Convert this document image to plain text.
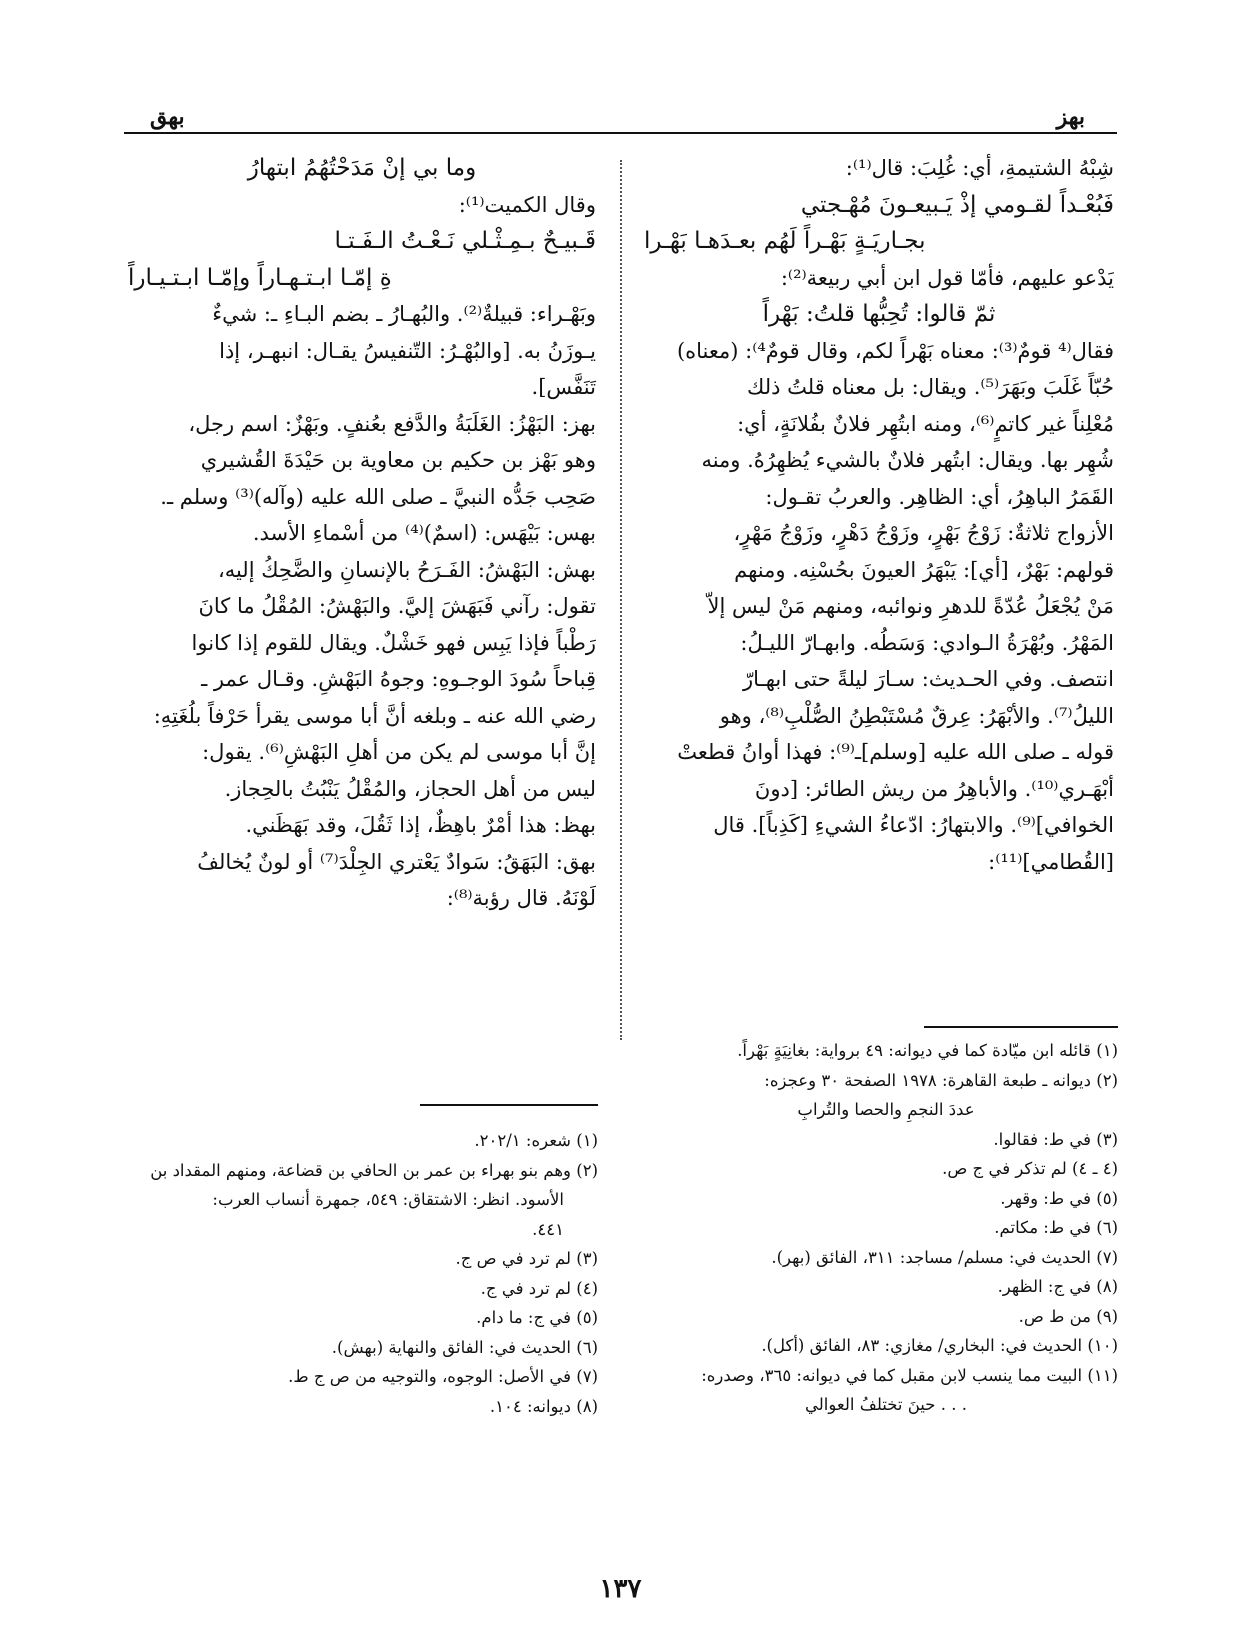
بهق	بهز
شِبْهُ الشتيمةِ، أي: غُلِبَ: قال⁽¹⁾:
فَبُعْـداً لقـومي إذْ يَـبيعـونَ مُهْـجتي
بجـاريَـةٍ بَهْـراً لَهُم بعـدَهـا بَهْـرا
يَدْعو عليهم، فأمّا قول ابن أبي ربيعة⁽²⁾:
ثمّ قالوا: تُحِبُّها قلتُ: بَهْراً
فقال⁽⁴ قومٌ⁽³⁾: معناه بَهْراً لكم، وقال قومٌ⁴⁾: (معناه)
حُبّاً غَلَبَ وبَهَرَ⁽⁵⁾. ويقال: بل معناه قلتُ ذلك
مُعْلِناً غير كاتمٍ⁽⁶⁾، ومنه ابتُهِر فلانٌ بفُلانَةٍ، أي:
شُهِر بها. ويقال: ابتُهر فلانٌ بالشيء يُظهِرُهُ. ومنه
القَمَرُ الباهِرُ، أي: الظاهِر. والعربُ تقـول:
الأزواج ثلاثةٌ: زَوْجُ بَهْرٍ، وزَوْجُ دَهْرٍ، وزَوْجُ مَهْرٍ،
قولهم: بَهْرٌ، [أي]: يَبْهَرُ العيونَ بحُسْنِه. ومنهم
مَنْ يُجْعَلُ عُدّةً للدهرِ ونوائبه، ومنهم مَنْ ليس إلاّ
المَهْرُ. وبُهْرَةُ الـوادي: وَسَطُه. وابهـارّ الليـلُ:
انتصف. وفي الحـديث: سـارَ ليلةً حتى ابهـارّ
الليلُ⁽⁷⁾. والأبْهَرُ: عِرقٌ مُسْتَبْطِنُ الصُّلْبِ⁽⁸⁾، وهو
قوله ـ صلى الله عليه [وسلم]ـ⁽⁹⁾: فهذا أوانُ قطعتْ
أبْهَـري⁽¹⁰⁾. والأباهِرُ من ريش الطائر: [دونَ
الخوافي]⁽⁹⁾. والابتهارُ: ادّعاءُ الشيءِ [كَذِباً]. قال
[القُطامي]⁽¹¹⁾:
وما بي إنْ مَدَحْتُهُمُ ابتهارُ
وقال الكميت⁽¹⁾:
قَـبيـحٌ بـمِـثْـلي نَـعْـتُ الـفَـتـا
ةِ إمّـا ابـتـهـاراً وإمّـا ابـتـيـاراً
وبَهْـراء: قبيلةٌ⁽²⁾. والبُهـارُ ـ بضم البـاءِ ـ: شيءٌ
يـوزَنُ به. [والبُهْـرُ: التّنفيسُ يقـال: انبهـر، إذا
تَنَفَّس].
بهز: البَهْزُ: الغَلَبَةُ والدَّفع بعُنفٍ. وبَهْزٌ: اسم رجل،
وهو بَهْز بن حكيم بن معاوية بن حَيْدَةَ القُشيري
صَحِب جَدُّه النبيَّ ـ صلى الله عليه (وآله)⁽³⁾ وسلم ـ.
بهس: بَيْهَس: (اسمٌ)⁽⁴⁾ من أسْماءِ الأسد.
بهش: البَهْشُ: الفَـرَحُ بالإنسانِ والضَّحِكُ إليه،
تقول: رآني فَبَهَشَ إليَّ. والبَهْشُ: المُقْلُ ما كانَ
رَطْباً فإذا يَبِس فهو خَشْلٌ. ويقال للقوم إذا كانوا
قِباحاً سُودَ الوجـوهِ: وجوهُ البَهْشِ. وقـال عمر ـ
رضي الله عنه ـ وبلغه أنَّ أبا موسى يقرأ حَرْفاً بلُغَتِهِ:
إنَّ أبا موسى لم يكن من أهلِ البَهْشِ⁽⁶⁾. يقول:
ليس من أهل الحجاز، والمُقْلُ يَنْبُتُ بالحِجاز.
بهظ: هذا أمْرٌ باهِظٌ، إذا ثَقُلَ، وقد بَهَظَني.
بهق: البَهَقُ: سَوادٌ يَعْتري الجِلْدَ⁽⁷⁾ أو لونٌ يُخالفُ
لَوْنَهُ. قال رؤبة⁽⁸⁾:
(١) قائله ابن ميّادة كما في ديوانه: ٤٩ برواية: بغانِيَةٍ بَهْراً.
(٢) ديوانه ـ طبعة القاهرة: ١٩٧٨ الصفحة ٣٠ وعجزه:
عددَ النجمِ والحصا والتُرابِ
(٣) في ط: فقالوا.
(٤ ـ ٤) لم تذكر في ج ص.
(٥) في ط: وقهر.
(٦) في ط: مكاتم.
(٧) الحديث في: مسلم/ مساجد: ٣١١، الفائق (بهر).
(٨) في ج: الظهر.
(٩) من ط ص.
(١٠) الحديث في: البخاري/ مغازي: ٨٣، الفائق (أكل).
(١١) البيت مما ينسب لابن مقبل كما في ديوانه: ٣٦٥، وصدره:
. . . حينَ تختلفُ العوالي
(١) شعره: ٢٠٢/١.
(٢) وهم بنو بهراء بن عمر بن الحافي بن قضاعة، ومنهم المقداد بن
الأسود. انظر: الاشتقاق: ٥٤٩، جمهرة أنساب العرب:
٤٤١.
(٣) لم ترد في ص ج.
(٤) لم ترد في ج.
(٥) في ج: ما دام.
(٦) الحديث في: الفائق والنهاية (بهش).
(٧) في الأصل: الوجوه، والتوجيه من ص ج ط.
(٨) ديوانه: ١٠٤.
١٣٧
